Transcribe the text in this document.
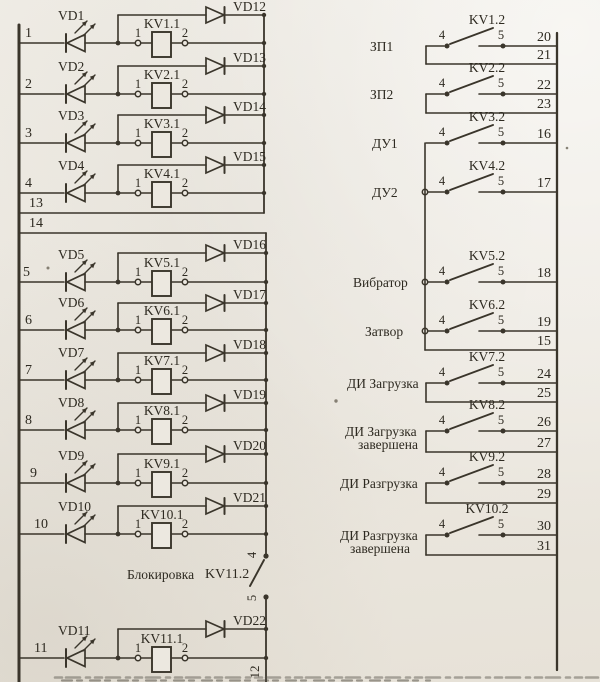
1
VD1
KV1.1
1	2
VD12
2
VD2
KV2.1
1	2
VD13
3
VD3
KV3.1
1	2
VD14
4
VD4
KV4.1
1	2
VD15
5
VD5
KV5.1
1	2
VD16
6
VD6
KV6.1
1	2
VD17
7
VD7
KV7.1
1	2
VD18
8
VD8
KV8.1
1	2
VD19
9
VD9
KV9.1
1	2
VD20
10
VD10
KV10.1
1	2
VD21
11
VD11
KV11.1
1	2
VD22
13
14
4
5
Блокировка KV11.2
12
4	5
KV1.2
20
ЗП1
21
4	5
KV2.2
22
ЗП2
23
4	5
KV3.2
16
ДУ1
4	5
KV4.2
17
ДУ2
4	5
KV5.2
18
Вибратор
4	5
KV6.2
19
Затвор
4	5
KV7.2
24
ДИ Загрузка
25
4	5
KV8.2
26
ДИ Загрузка
завершена	27
4	5
KV9.2
28
ДИ Разгрузка
29
4	5
KV10.2
30
ДИ Разгрузка
завершена	31
15
